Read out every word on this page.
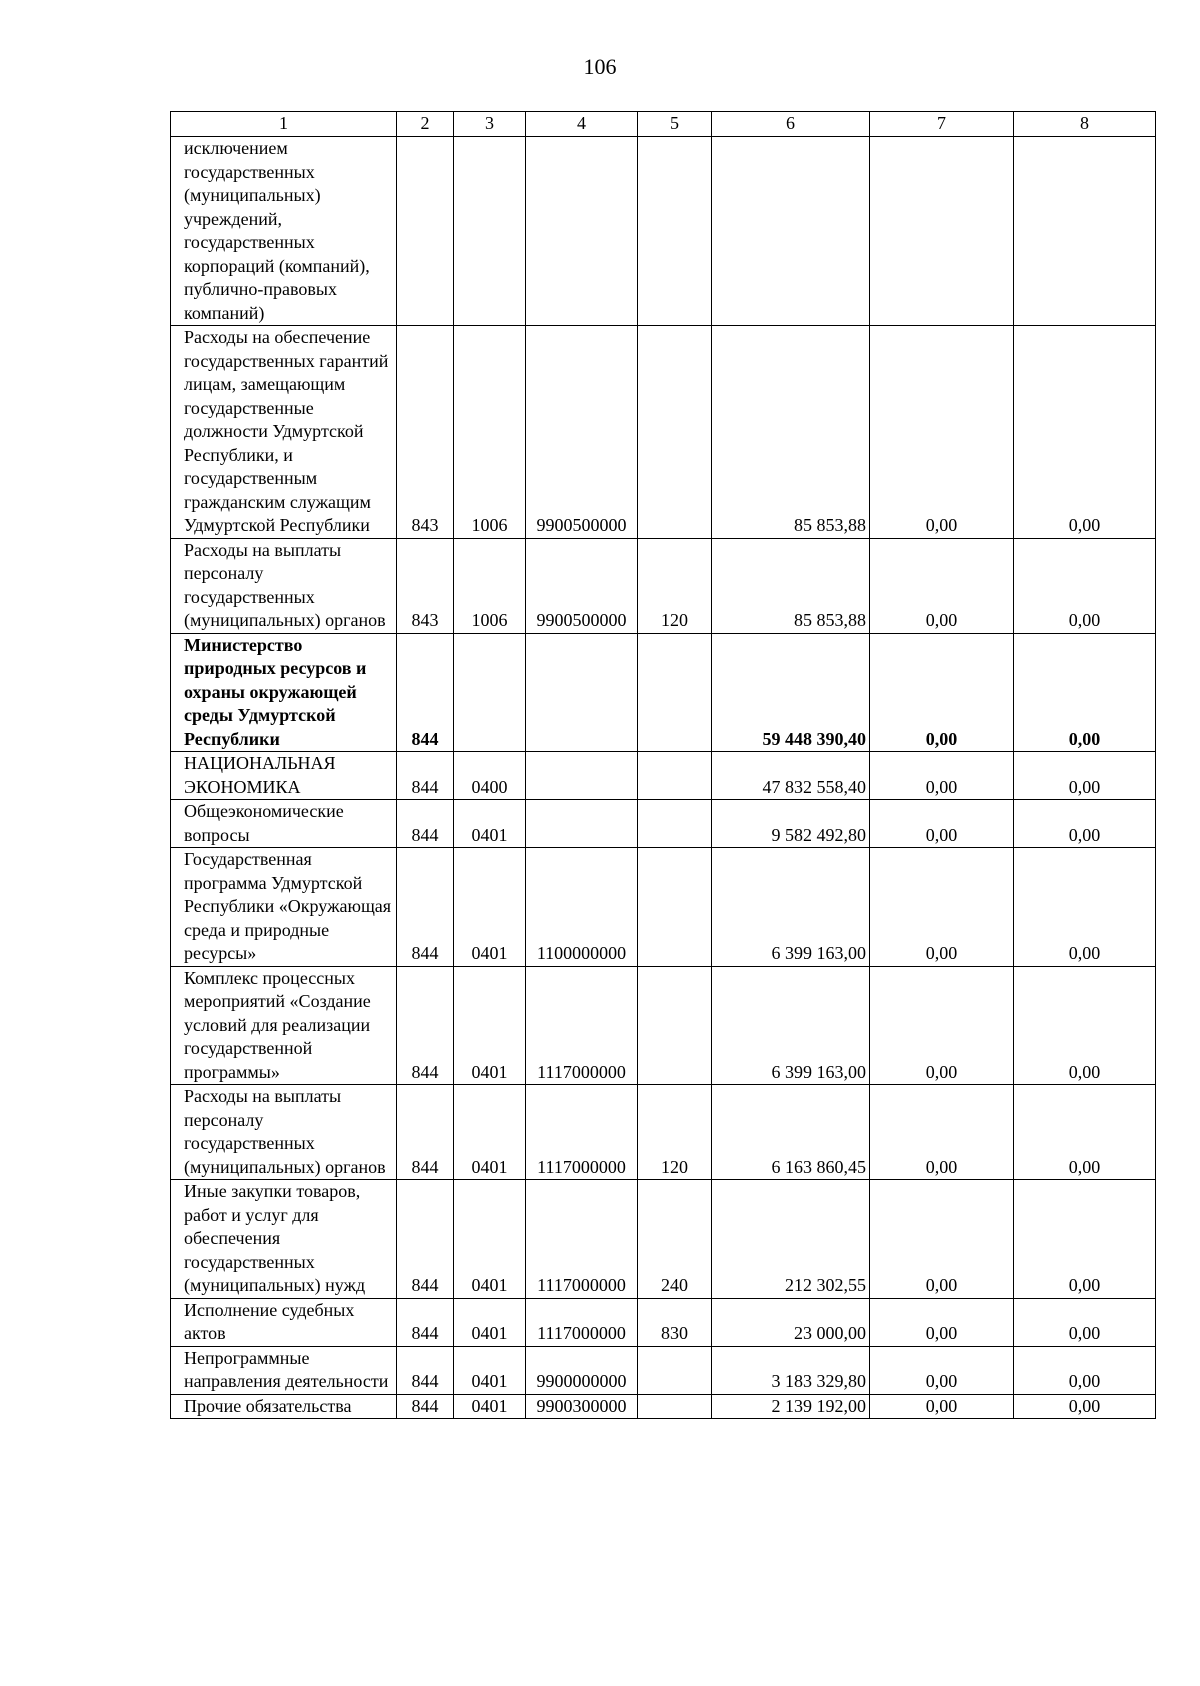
106
1	2	3	4	5	6	7	8
исключением государственных (муниципальных) учреждений, государственных корпораций (компаний), публично-правовых компаний)							
Расходы на обеспечение государственных гарантий лицам, замещающим государственные должности Удмуртской Республики, и государственным гражданским служащим Удмуртской Республики	843	1006	9900500000		85 853,88	0,00	0,00
Расходы на выплаты персоналу государственных (муниципальных) органов	843	1006	9900500000	120	85 853,88	0,00	0,00
Министерство природных ресурсов и охраны окружающей среды Удмуртской Республики	844				59 448 390,40	0,00	0,00
НАЦИОНАЛЬНАЯ ЭКОНОМИКА	844	0400			47 832 558,40	0,00	0,00
Общеэкономические вопросы	844	0401			9 582 492,80	0,00	0,00
Государственная программа Удмуртской Республики «Окружающая среда и природные ресурсы»	844	0401	1100000000		6 399 163,00	0,00	0,00
Комплекс процессных мероприятий «Создание условий для реализации государственной программы»	844	0401	1117000000		6 399 163,00	0,00	0,00
Расходы на выплаты персоналу государственных (муниципальных) органов	844	0401	1117000000	120	6 163 860,45	0,00	0,00
Иные закупки товаров, работ и услуг для обеспечения государственных (муниципальных) нужд	844	0401	1117000000	240	212 302,55	0,00	0,00
Исполнение судебных актов	844	0401	1117000000	830	23 000,00	0,00	0,00
Непрограммные направления деятельности	844	0401	9900000000		3 183 329,80	0,00	0,00
Прочие обязательства	844	0401	9900300000		2 139 192,00	0,00	0,00
